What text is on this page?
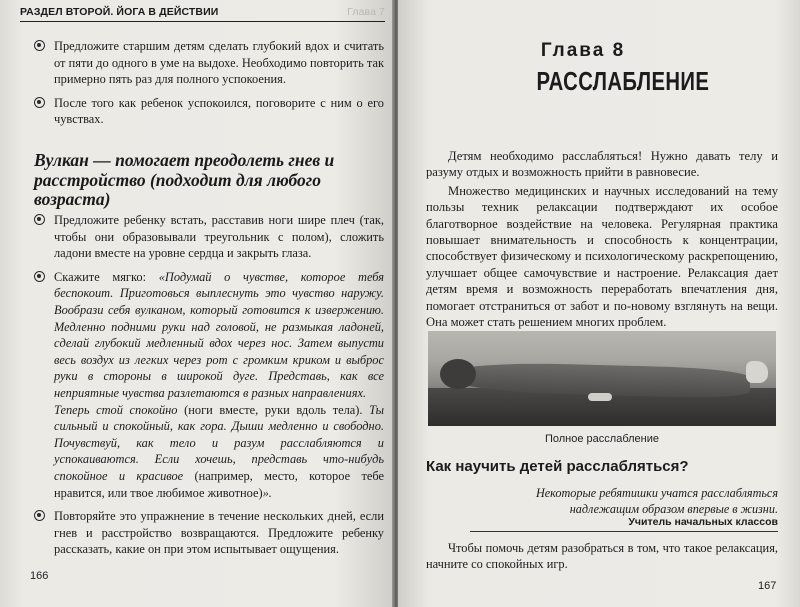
РАЗДЕЛ ВТОРОЙ. ЙОГА В ДЕЙСТВИИ	Глава 7

Предложите старшим детям сделать глубокий вдох и считать от пяти до одного в уме на выдохе. Необходимо повторить так примерно пять раз для полного успокоения.

После того как ребенок успокоился, поговорите с ним о его чувствах.

Вулкан — помогает преодолеть гнев и расстройство (подходит для любого возраста)

Предложите ребенку встать, расставив ноги шире плеч (так, чтобы они образовывали треугольник с полом), сложить ладони вместе на уровне сердца и закрыть глаза.

Скажите мягко: «Подумай о чувстве, которое тебя беспокоит. Приготовься выплеснуть это чувство наружу. Вообрази себя вулканом, который готовится к извержению. Медленно подними руки над головой, не размыкая ладоней, сделай глубокий медленный вдох через нос. Затем выпусти весь воздух из легких через рот с громким криком и выброс руки в стороны в широкой дуге. Представь, как все неприятные чувства разлетаются в разных направлениях.
Теперь стой спокойно (ноги вместе, руки вдоль тела). Ты сильный и спокойный, как гора. Дыши медленно и свободно. Почувствуй, как тело и разум расслабляются и успокаиваются. Если хочешь, представь что-нибудь спокойное и красивое (например, место, которое тебе нравится, или твое любимое животное)».

Повторяйте это упражнение в течение нескольких дней, если гнев и расстройство возвращаются. Предложите ребенку рассказать, какие он при этом испытывает ощущения.

166
Глава 8
РАССЛАБЛЕНИЕ

Детям необходимо расслабляться! Нужно давать телу и разуму отдых и возможность прийти в равновесие.

Множество медицинских и научных исследований на тему пользы техник релаксации подтверждают их особое благотворное воздействие на человека. Регулярная практика повышает внимательность и способность к концентрации, способствует физическому и психологическому раскрепощению, улучшает общее самочувствие и настроение. Релаксация дает детям время и возможность переработать впечатления дня, помогает отстраниться от забот и по-новому взглянуть на вещи. Она может стать решением многих проблем.

Полное расслабление
Как научить детей расслабляться?
Некоторые ребятишки учатся расслабляться надлежащим образом впервые в жизни.
Учитель начальных классов

Чтобы помочь детям разобраться в том, что такое релаксация, начните со спокойных игр.

167
